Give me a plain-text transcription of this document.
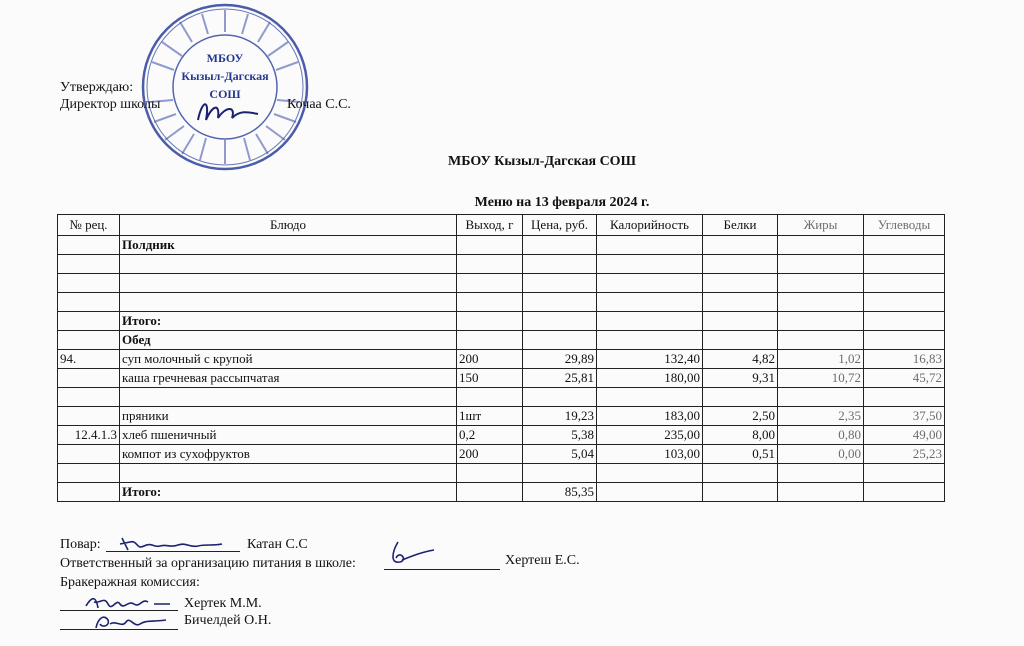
МБОУ
Кызыл-Дагская
СОШ
Утверждаю:
Директор школы	Кочаа С.С.
МБОУ Кызыл-Дагская СОШ
Меню на 13 февраля 2024 г.
№ рец.	Блюдо	Выход, г	Цена, руб.	Калорийность	Белки	Жиры	Углеводы
	Полдник						

	Итого:						
	Обед						
94.	суп молочный с крупой	200	29,89	132,40	4,82	1,02	16,83
	каша гречневая рассыпчатая	150	25,81	180,00	9,31	10,72	45,72

	пряники	1шт	19,23	183,00	2,50	2,35	37,50
12.4.1.3	хлеб пшеничный	0,2	5,38	235,00	8,00	0,80	49,00
	компот из сухофруктов	200	5,04	103,00	0,51	0,00	25,23

	Итого:		85,35				
Повар:	Катан С.С
Ответственный за организацию питания в школе:	Хертеш Е.С.
Бракеражная комиссия:
Хертек М.М.
Бичелдей О.Н.
